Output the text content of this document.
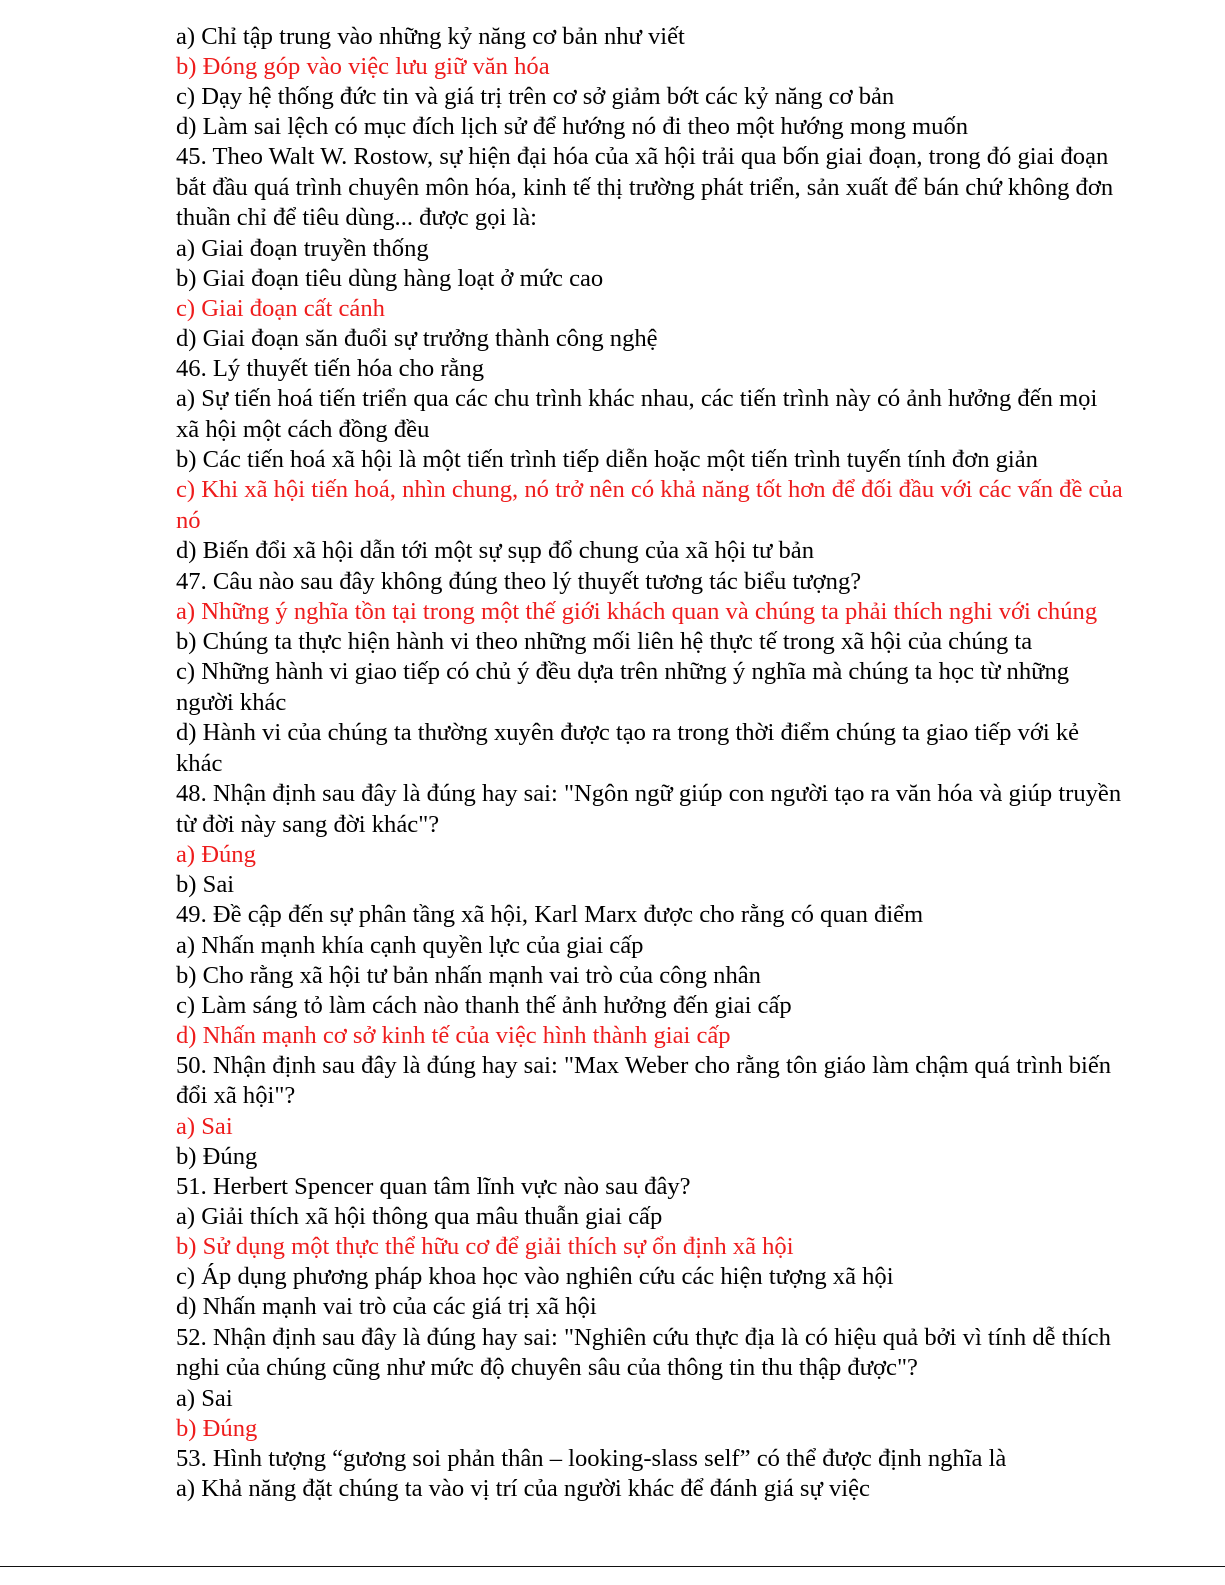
a) Chỉ tập trung vào những kỷ năng cơ bản như viết

b) Đóng góp vào việc lưu giữ văn hóa

c) Dạy hệ thống đức tin và giá trị trên cơ sở giảm bớt các kỷ năng cơ bản

d) Làm sai lệch có mục đích lịch sử để hướng nó đi theo một hướng mong muốn

45. Theo Walt W. Rostow, sự hiện đại hóa của xã hội trải qua bốn giai đoạn, trong đó giai đoạn bắt đầu quá trình chuyên môn hóa, kinh tế thị trường phát triển, sản xuất để bán chứ không đơn thuần chỉ để tiêu dùng... được gọi là:

a) Giai đoạn truyền thống

b) Giai đoạn tiêu dùng hàng loạt ở mức cao

c) Giai đoạn cất cánh

d) Giai đoạn săn đuổi sự trưởng thành công nghệ

46. Lý thuyết tiến hóa cho rằng

a) Sự tiến hoá tiến triển qua các chu trình khác nhau, các tiến trình này có ảnh hưởng đến mọi xã hội một cách đồng đều

b) Các tiến hoá xã hội là một tiến trình tiếp diễn hoặc một tiến trình tuyến tính đơn giản

c) Khi xã hội tiến hoá, nhìn chung, nó trở nên có khả năng tốt hơn để đối đầu với các vấn đề của nó

d) Biến đổi xã hội dẫn tới một sự sụp đổ chung của xã hội tư bản

47. Câu nào sau đây không đúng theo lý thuyết tương tác biểu tượng?

a) Những ý nghĩa tồn tại trong một thế giới khách quan và chúng ta phải thích nghi với chúng

b) Chúng ta thực hiện hành vi theo những mối liên hệ thực tế trong xã hội của chúng ta

c) Những hành vi giao tiếp có chủ ý đều dựa trên những ý nghĩa mà chúng ta học từ những người khác

d) Hành vi của chúng ta thường xuyên được tạo ra trong thời điểm chúng ta giao tiếp với kẻ khác

48. Nhận định sau đây là đúng hay sai: "Ngôn ngữ giúp con người tạo ra văn hóa và giúp truyền từ đời này sang đời khác"?

a) Đúng

b) Sai

49. Đề cập đến sự phân tầng xã hội, Karl Marx được cho rằng có quan điểm

a) Nhấn mạnh khía cạnh quyền lực của giai cấp

b) Cho rằng xã hội tư bản nhấn mạnh vai trò của công nhân

c) Làm sáng tỏ làm cách nào thanh thế ảnh hưởng đến giai cấp

d) Nhấn mạnh cơ sở kinh tế của việc hình thành giai cấp

50. Nhận định sau đây là đúng hay sai: "Max Weber cho rằng tôn giáo làm chậm quá trình biến đổi xã hội"?

a) Sai

b) Đúng

51. Herbert Spencer quan tâm lĩnh vực nào sau đây?

a) Giải thích xã hội thông qua mâu thuẫn giai cấp

b) Sử dụng một thực thể hữu cơ để giải thích sự ổn định xã hội

c) Áp dụng phương pháp khoa học vào nghiên cứu các hiện tượng xã hội

d) Nhấn mạnh vai trò của các giá trị xã hội

52. Nhận định sau đây là đúng hay sai: "Nghiên cứu thực địa là có hiệu quả bởi vì tính dễ thích nghi của chúng cũng như mức độ chuyên sâu của thông tin thu thập được"?

a) Sai

b) Đúng

53. Hình tượng “gương soi phản thân – looking-slass self” có thể được định nghĩa là

a) Khả năng đặt chúng ta vào vị trí của người khác để đánh giá sự việc
